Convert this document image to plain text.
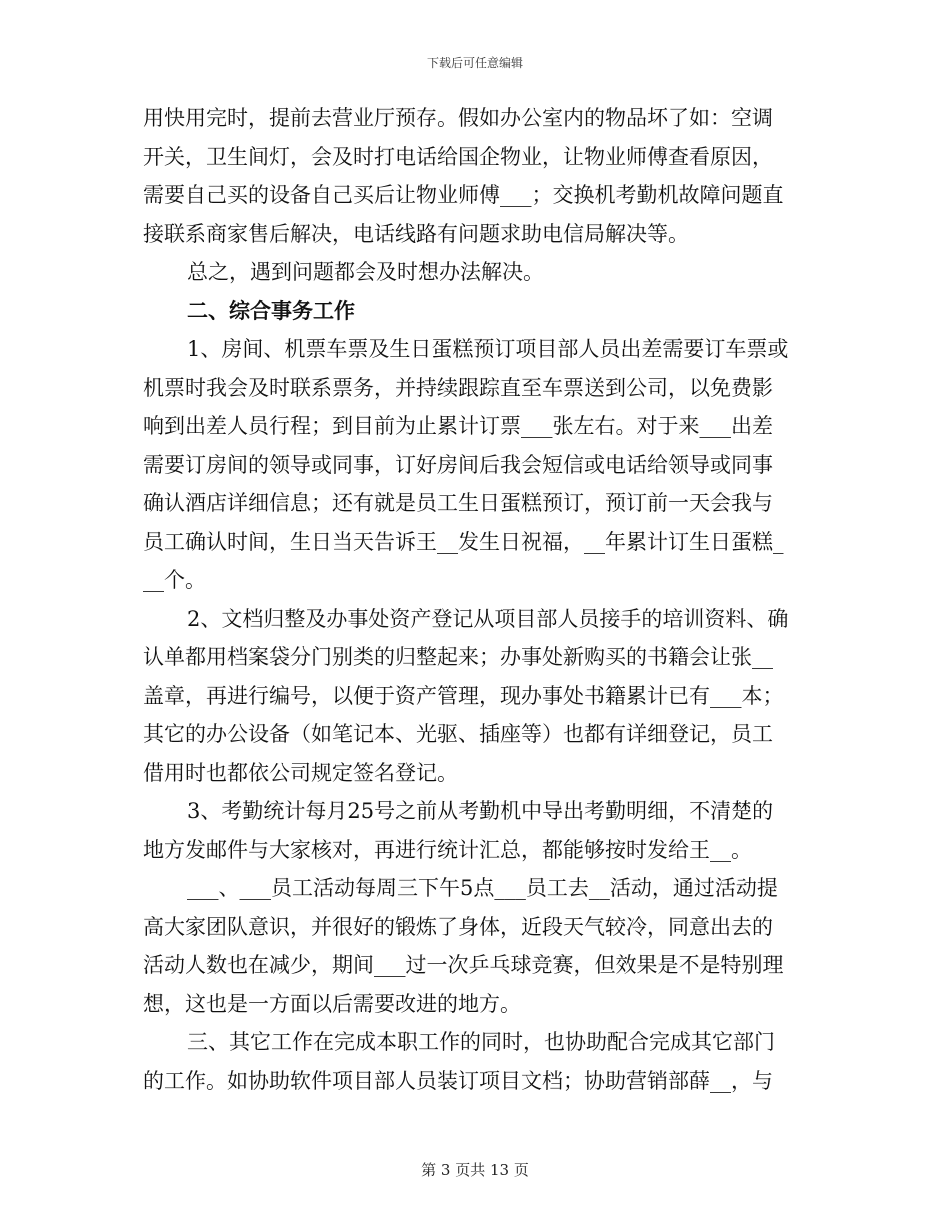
下载后可任意编辑
用快用完时，提前去营业厅预存。假如办公室内的物品坏了如：空调
开关，卫生间灯，会及时打电话给国企物业，让物业师傅查看原因，
需要自己买的设备自己买后让物业师傅___；交换机考勤机故障问题直
接联系商家售后解决，电话线路有问题求助电信局解决等。
总之，遇到问题都会及时想办法解决。
二、综合事务工作
1、房间、机票车票及生日蛋糕预订项目部人员出差需要订车票或
机票时我会及时联系票务，并持续跟踪直至车票送到公司，以免费影
响到出差人员行程；到目前为止累计订票___张左右。对于来___出差
需要订房间的领导或同事，订好房间后我会短信或电话给领导或同事
确认酒店详细信息；还有就是员工生日蛋糕预订，预订前一天会我与
员工确认时间，生日当天告诉王__发生日祝福，__年累计订生日蛋糕_
__个。
2、文档归整及办事处资产登记从项目部人员接手的培训资料、确
认单都用档案袋分门别类的归整起来；办事处新购买的书籍会让张__
盖章，再进行编号，以便于资产管理，现办事处书籍累计已有___本；
其它的办公设备（如笔记本、光驱、插座等）也都有详细登记，员工
借用时也都依公司规定签名登记。
3、考勤统计每月25号之前从考勤机中导出考勤明细，不清楚的
地方发邮件与大家核对，再进行统计汇总，都能够按时发给王__。
___、___员工活动每周三下午5点___员工去__活动，通过活动提
高大家团队意识，并很好的锻炼了身体，近段天气较冷，同意出去的
活动人数也在减少，期间___过一次乒乓球竞赛，但效果是不是特别理
想，这也是一方面以后需要改进的地方。
三、其它工作在完成本职工作的同时，也协助配合完成其它部门
的工作。如协助软件项目部人员装订项目文档；协助营销部薛__，与
第 3 页共 13 页
